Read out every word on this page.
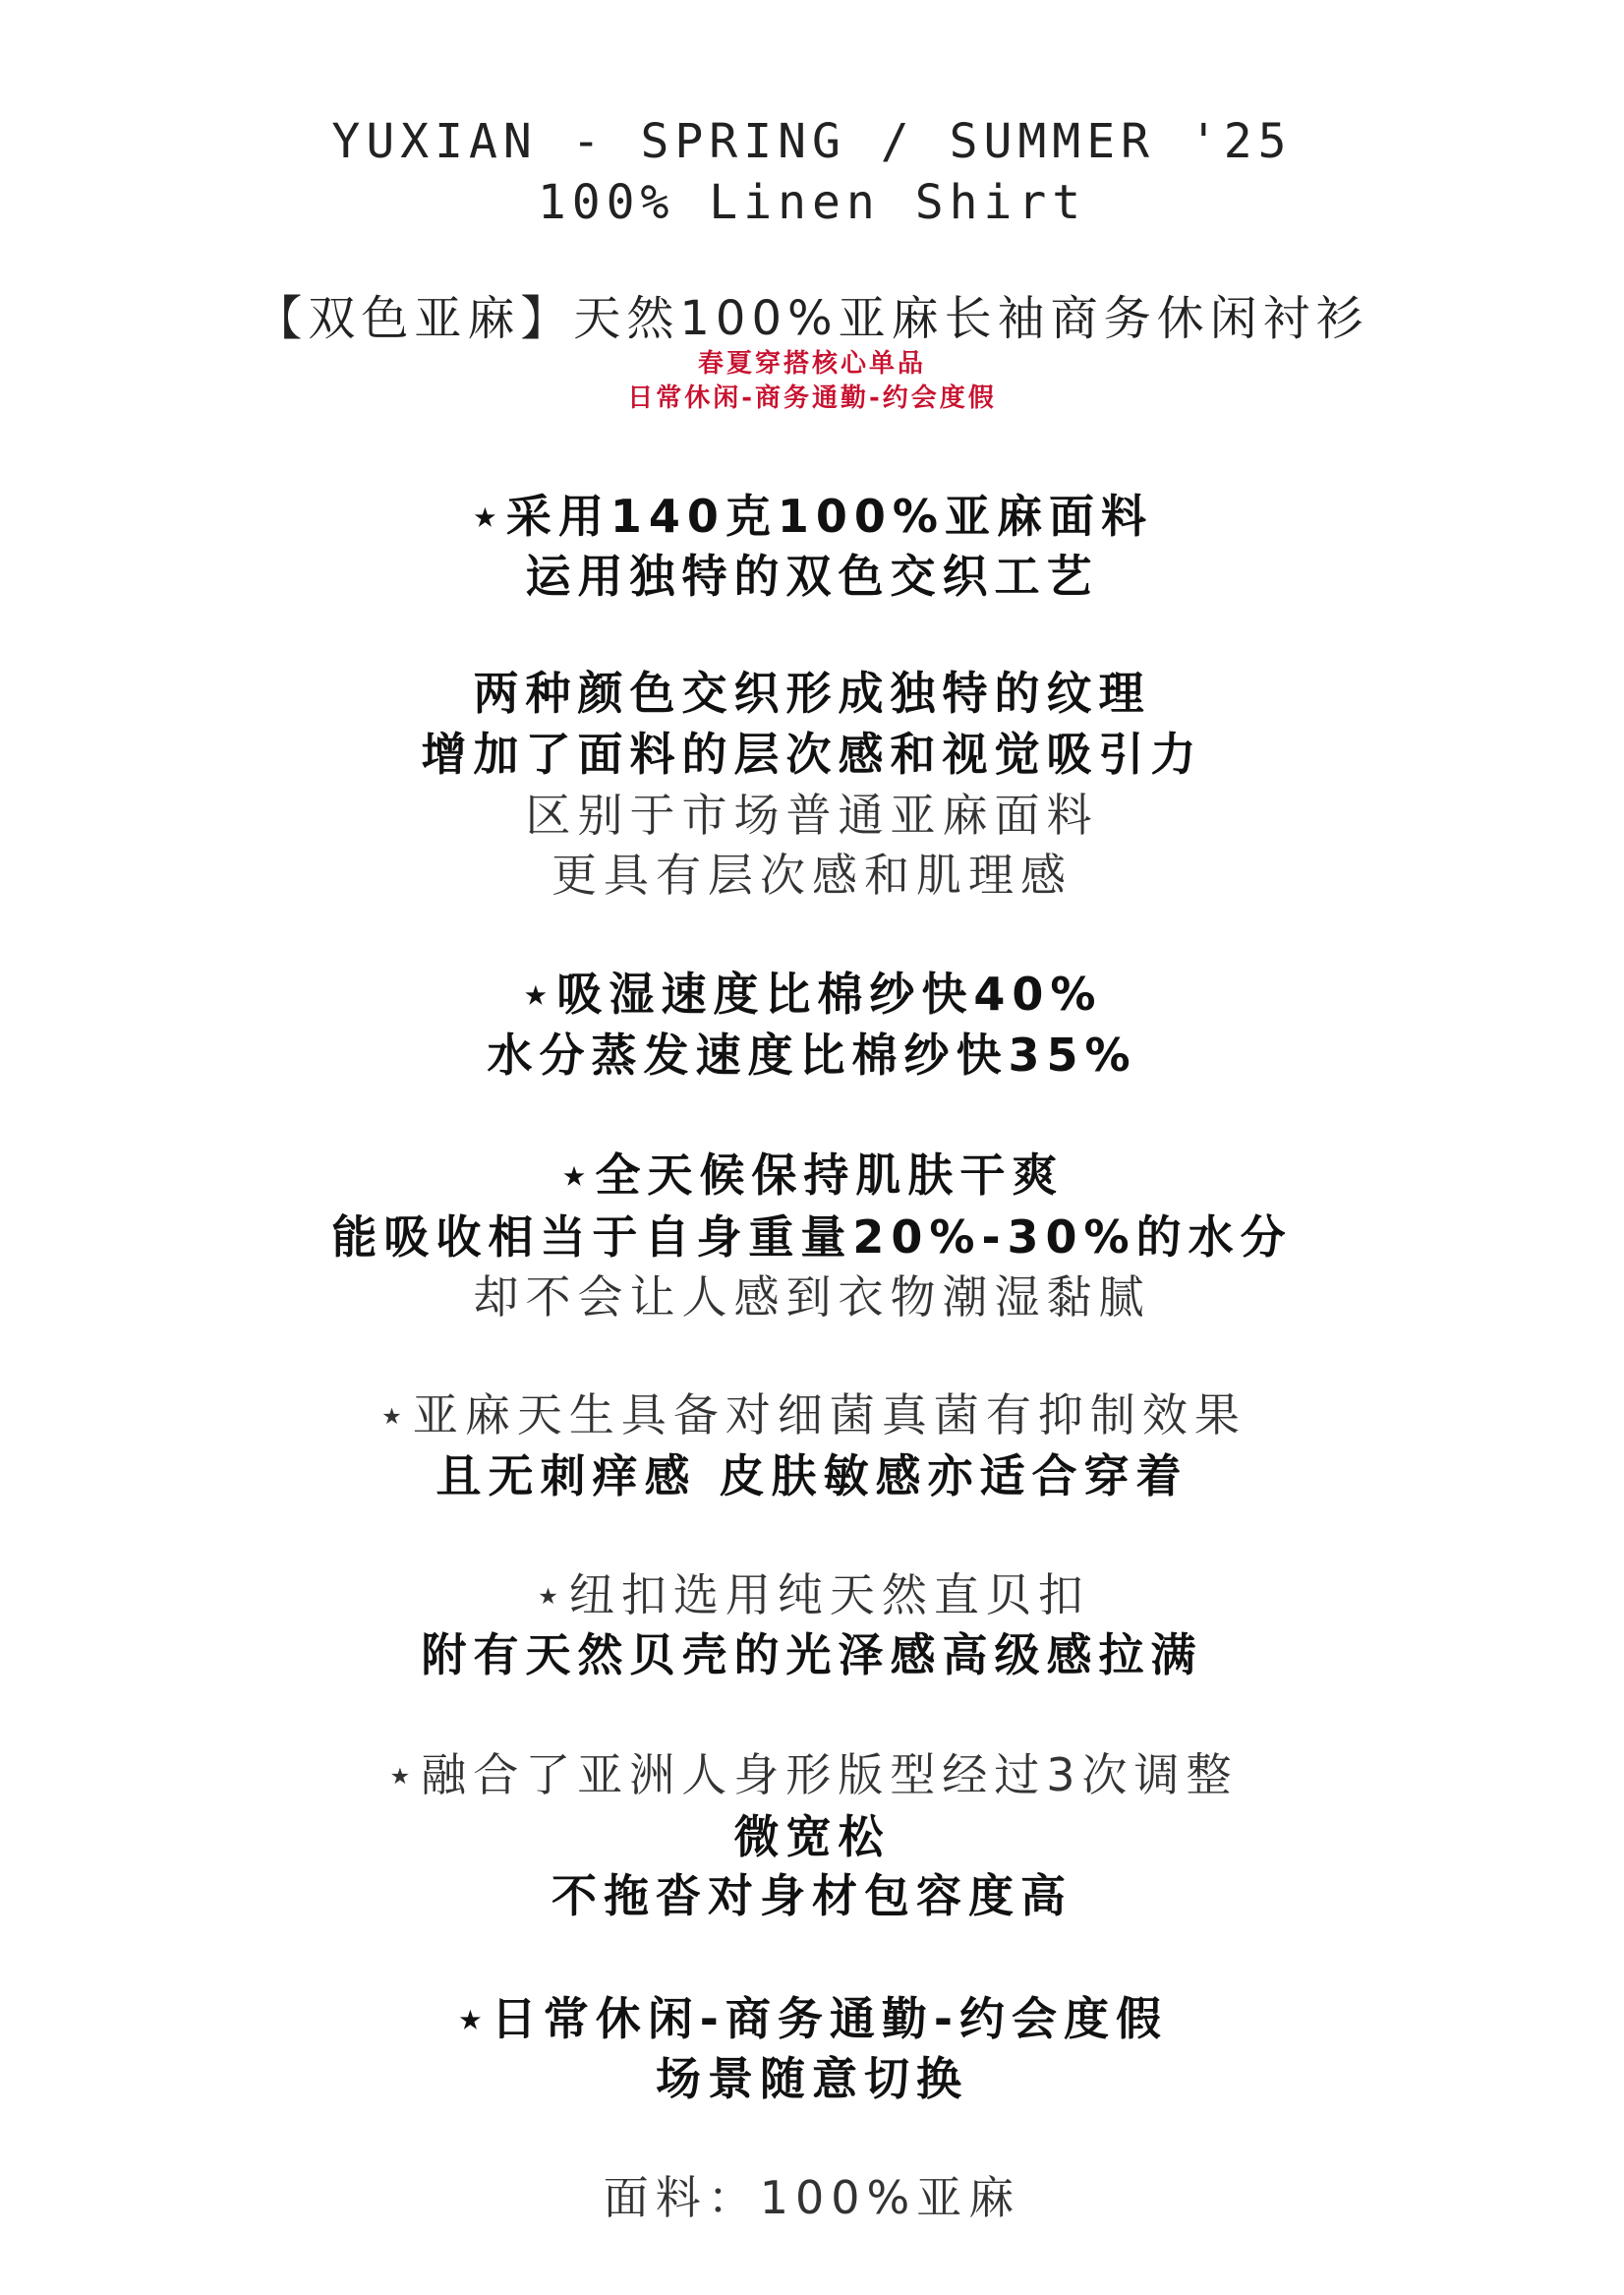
YUXIAN - SPRING / SUMMER '25
100% Linen Shirt
【双色亚麻】天然100%亚麻长袖商务休闲衬衫
春夏穿搭核心单品
日常休闲-商务通勤-约会度假
⋆采用140克100%亚麻面料
运用独特的双色交织工艺
两种颜色交织形成独特的纹理
增加了面料的层次感和视觉吸引力
区别于市场普通亚麻面料
更具有层次感和肌理感
⋆吸湿速度比棉纱快40%
水分蒸发速度比棉纱快35%
⋆全天候保持肌肤干爽
能吸收相当于自身重量20%-30%的水分
却不会让人感到衣物潮湿黏腻
⋆亚麻天生具备对细菌真菌有抑制效果
且无刺痒感 皮肤敏感亦适合穿着
⋆纽扣选用纯天然直贝扣
附有天然贝壳的光泽感高级感拉满
⋆融合了亚洲人身形版型经过3次调整
微宽松
不拖沓对身材包容度高
⋆日常休闲-商务通勤-约会度假
场景随意切换
面料：100%亚麻
